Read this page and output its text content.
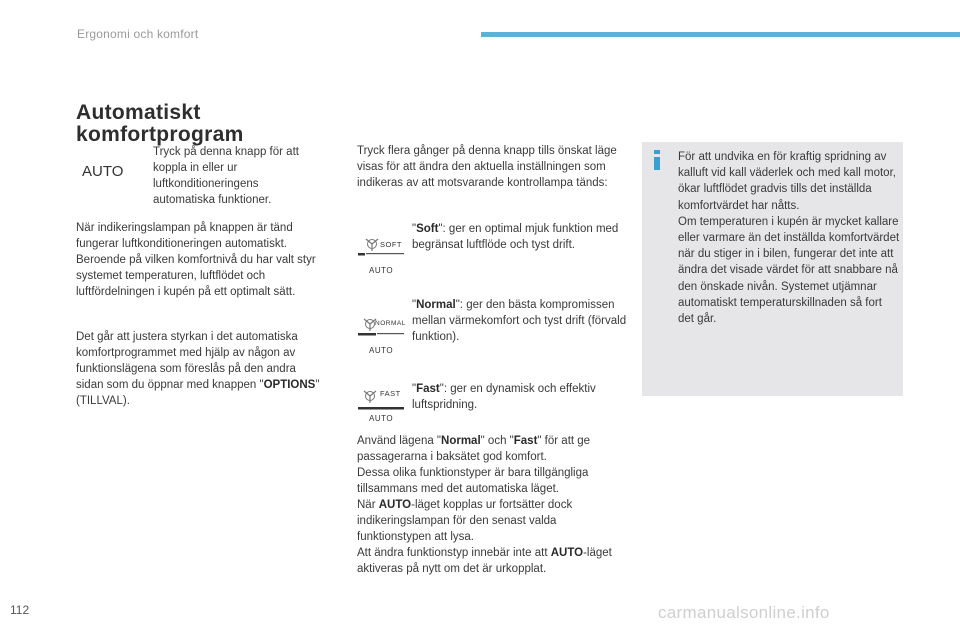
Ergonomi och komfort
Automatiskt komfortprogram
AUTO
Tryck på denna knapp för att koppla in eller ur luftkonditioneringens automatiska funktioner.
När indikeringslampan på knappen är tänd fungerar luftkonditioneringen automatiskt. Beroende på vilken komfortnivå du har valt styr systemet temperaturen, luftflödet och luftfördelningen i kupén på ett optimalt sätt.
Det går att justera styrkan i det automatiska komfortprogrammet med hjälp av någon av funktionslägena som föreslås på den andra sidan som du öppnar med knappen "OPTIONS" (TILLVAL).
Tryck flera gånger på denna knapp tills önskat läge visas för att ändra den aktuella inställningen som indikeras av att motsvarande kontrollampa tänds:
SOFT
AUTO
NORMAL
AUTO
FAST
AUTO
"Soft": ger en optimal mjuk funktion med begränsat luftflöde och tyst drift.
"Normal": ger den bästa kompromissen mellan värmekomfort och tyst drift (förvald funktion).
"Fast": ger en dynamisk och effektiv luftspridning.
Använd lägena "Normal" och "Fast" för att ge passagerarna i baksätet god komfort.
Dessa olika funktionstyper är bara tillgängliga tillsammans med det automatiska läget.
När AUTO-läget kopplas ur fortsätter dock indikeringslampan för den senast valda funktionstypen att lysa.
Att ändra funktionstyp innebär inte att AUTO-läget aktiveras på nytt om det är urkopplat.
För att undvika en för kraftig spridning av kalluft vid kall väderlek och med kall motor, ökar luftflödet gradvis tills det inställda komfortvärdet har nåtts.
Om temperaturen i kupén är mycket kallare eller varmare än det inställda komfortvärdet när du stiger in i bilen, fungerar det inte att ändra det visade värdet för att snabbare nå den önskade nivån. Systemet utjämnar automatiskt temperaturskillnaden så fort det går.
112	carmanualsonline.info
